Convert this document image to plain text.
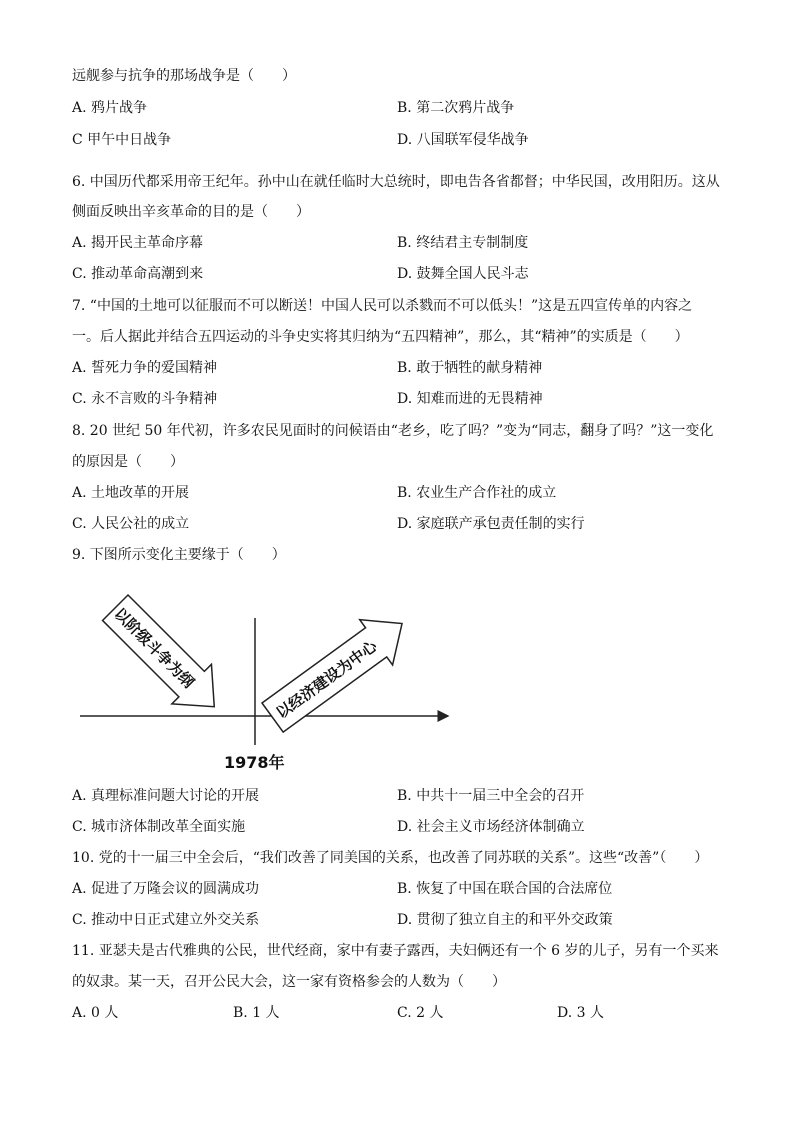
远舰参与抗争的那场战争是（　　）
A. 鸦片战争	B. 第二次鸦片战争
C 甲午中日战争	D. 八国联军侵华战争
6. 中国历代都采用帝王纪年。孙中山在就任临时大总统时，即电告各省都督；中华民国，改用阳历。这从
侧面反映出辛亥革命的目的是（　　）
A. 揭开民主革命序幕	B. 终结君主专制制度
C. 推动革命高潮到来	D. 鼓舞全国人民斗志
7. “中国的土地可以征服而不可以断送！中国人民可以杀戮而不可以低头！”这是五四宣传单的内容之
一。后人据此并结合五四运动的斗争史实将其归纳为“五四精神”，那么，其“精神”的实质是（　　）
A. 誓死力争的爱国精神	B. 敢于牺牲的献身精神
C. 永不言败的斗争精神	D. 知难而进的无畏精神
8. 20 世纪 50 年代初，许多农民见面时的问候语由“老乡，吃了吗？”变为“同志，翻身了吗？”这一变化
的原因是（　　）
A. 土地改革的开展	B. 农业生产合作社的成立
C. 人民公社的成立	D. 家庭联产承包责任制的实行
9. 下图所示变化主要缘于（　　）
以阶级斗争为纲	以经济建设为中心
1978年
A. 真理标准问题大讨论的开展	B. 中共十一届三中全会的召开
C. 城市济体制改革全面实施	D. 社会主义市场经济体制确立
10. 党的十一届三中全会后，“我们改善了同美国的关系，也改善了同苏联的关系”。这些“改善”（　　）
A. 促进了万隆会议的圆满成功	B. 恢复了中国在联合国的合法席位
C. 推动中日正式建立外交关系	D. 贯彻了独立自主的和平外交政策
11. 亚瑟夫是古代雅典的公民，世代经商，家中有妻子露西，夫妇俩还有一个 6 岁的儿子，另有一个买来
的奴隶。某一天，召开公民大会，这一家有资格参会的人数为（　　）
A. 0 人	B. 1 人	C. 2 人	D. 3 人
